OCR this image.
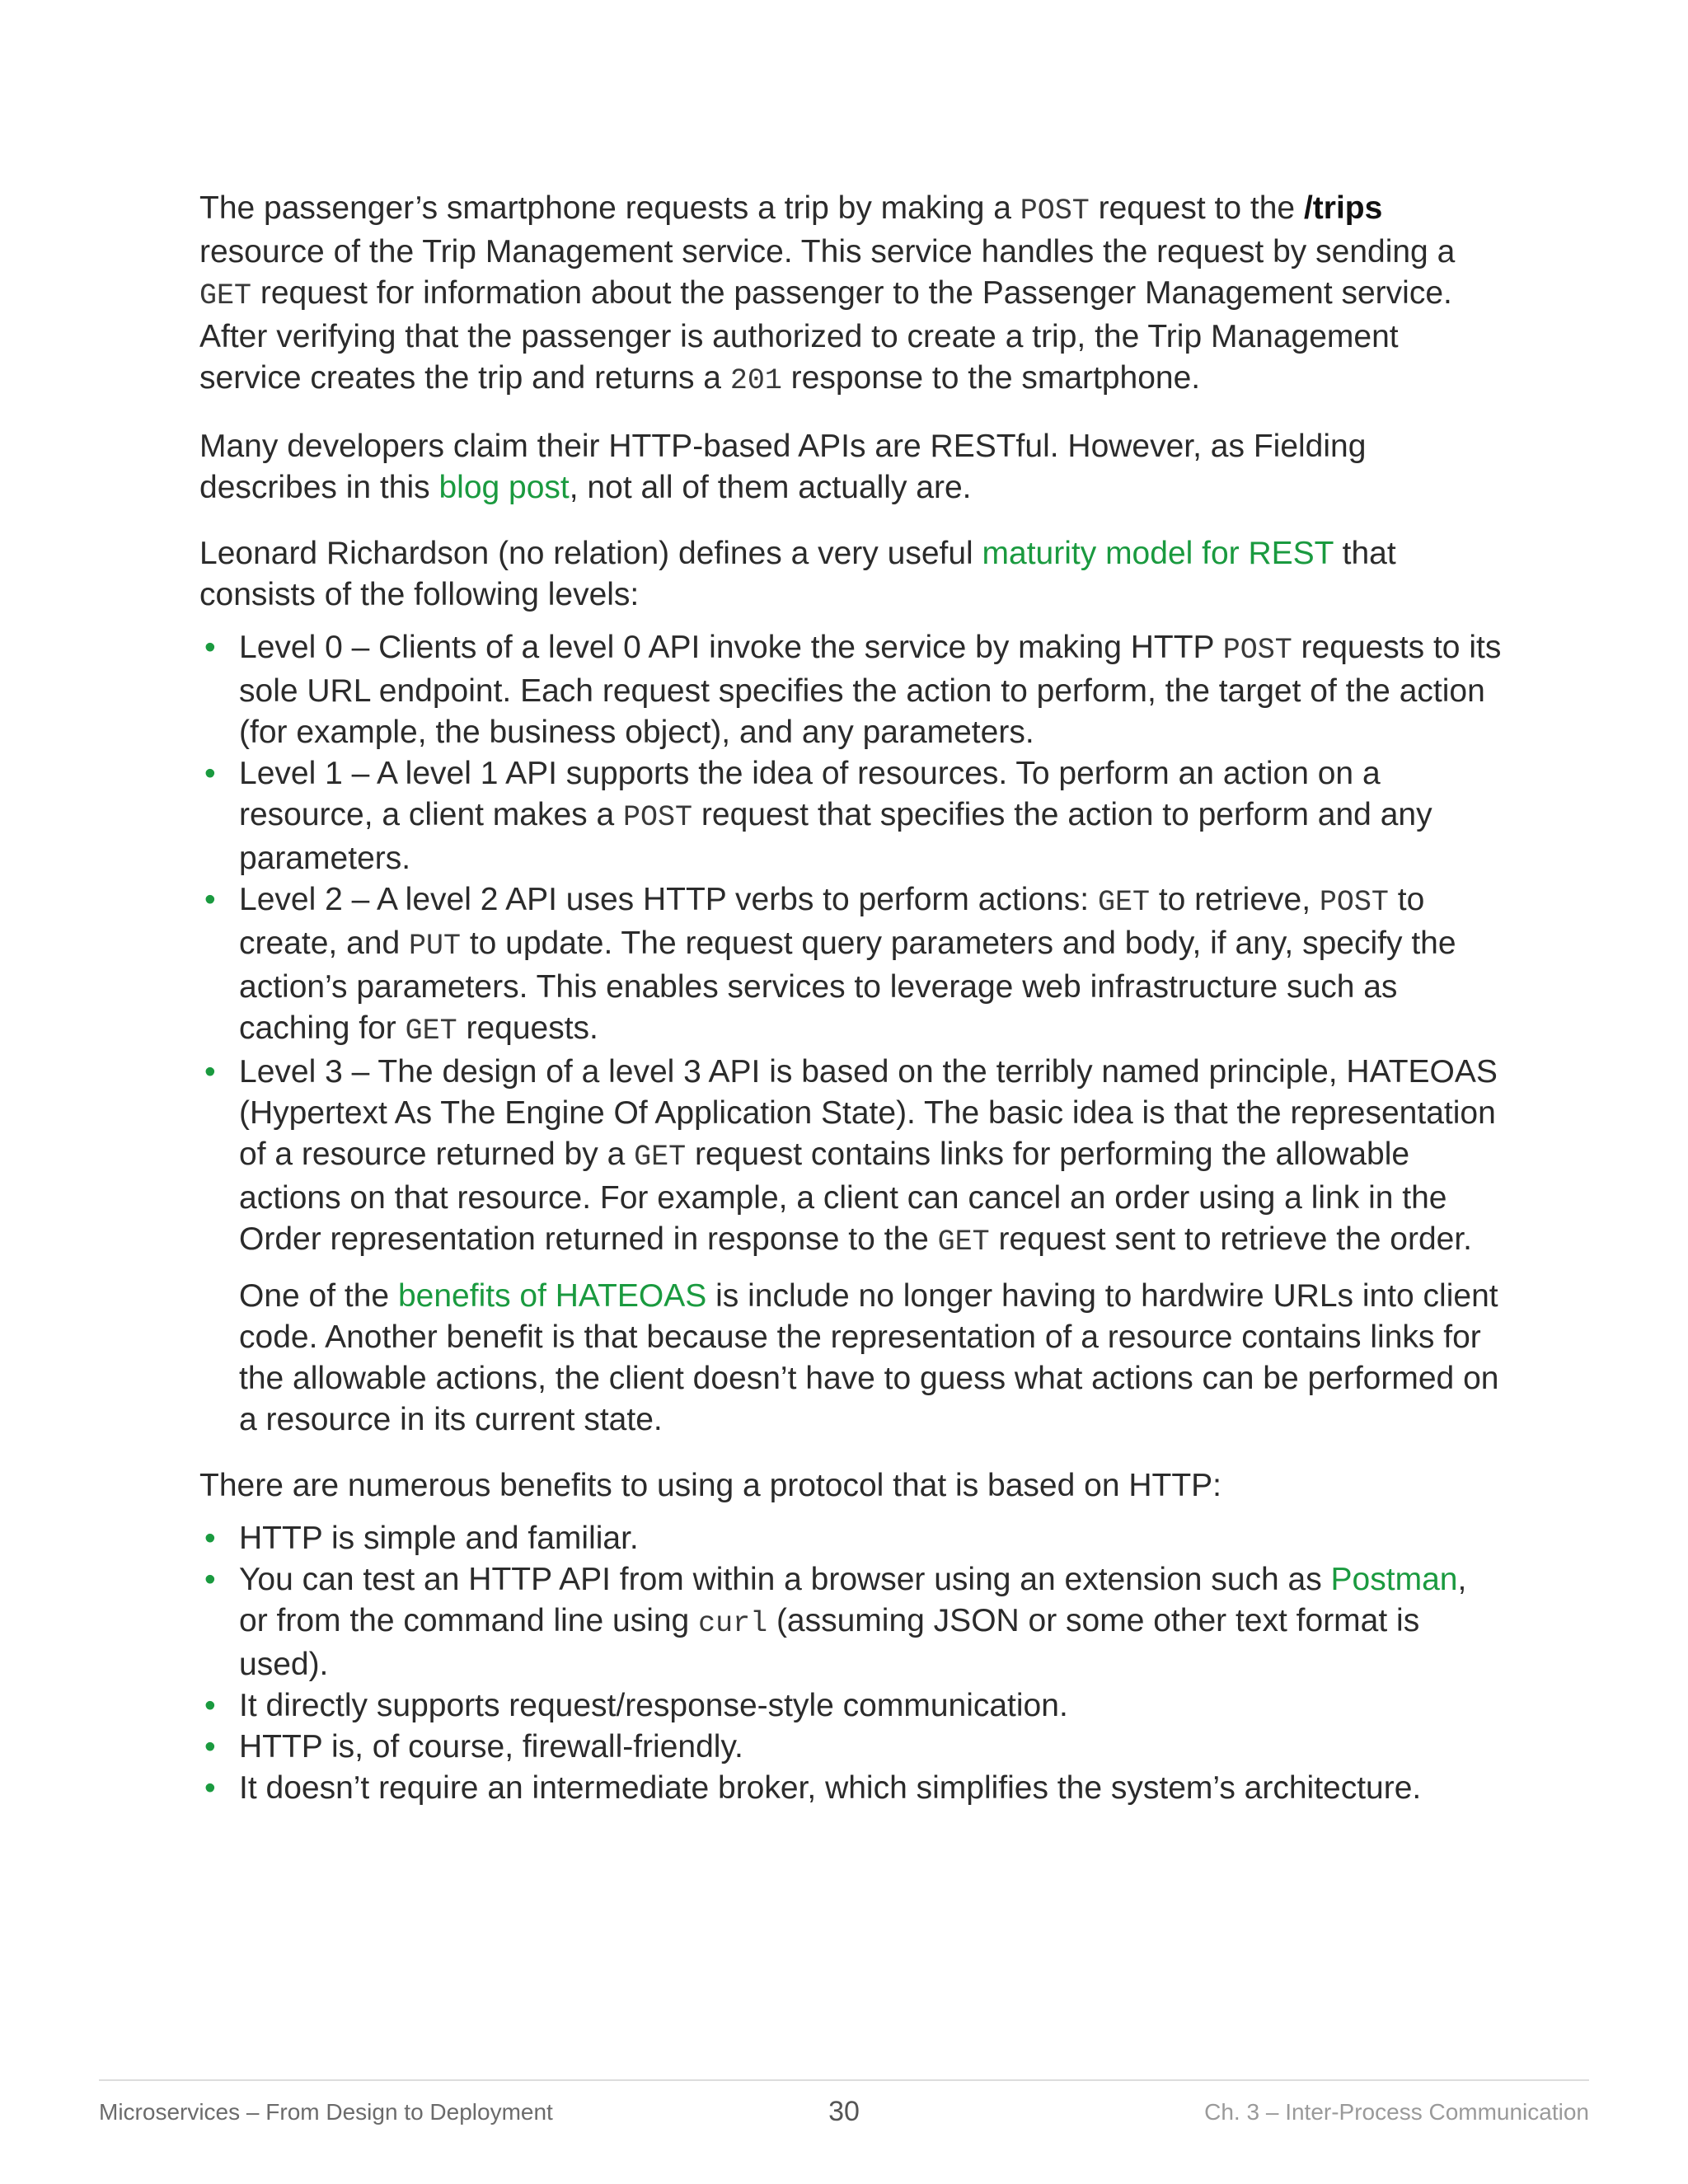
The passenger’s smartphone requests a trip by making a POST request to the /trips resource of the Trip Management service. This service handles the request by sending a GET request for information about the passenger to the Passenger Management service. After verifying that the passenger is authorized to create a trip, the Trip Management service creates the trip and returns a 201 response to the smartphone.

Many developers claim their HTTP-based APIs are RESTful. However, as Fielding describes in this blog post, not all of them actually are.

Leonard Richardson (no relation) defines a very useful maturity model for REST that consists of the following levels:

• Level 0 – Clients of a level 0 API invoke the service by making HTTP POST requests to its sole URL endpoint. Each request specifies the action to perform, the target of the action (for example, the business object), and any parameters.
• Level 1 – A level 1 API supports the idea of resources. To perform an action on a resource, a client makes a POST request that specifies the action to perform and any parameters.
• Level 2 – A level 2 API uses HTTP verbs to perform actions: GET to retrieve, POST to create, and PUT to update. The request query parameters and body, if any, specify the action’s parameters. This enables services to leverage web infrastructure such as caching for GET requests.
• Level 3 – The design of a level 3 API is based on the terribly named principle, HATEOAS (Hypertext As The Engine Of Application State). The basic idea is that the representation of a resource returned by a GET request contains links for performing the allowable actions on that resource. For example, a client can cancel an order using a link in the Order representation returned in response to the GET request sent to retrieve the order.

One of the benefits of HATEOAS is include no longer having to hardwire URLs into client code. Another benefit is that because the representation of a resource contains links for the allowable actions, the client doesn’t have to guess what actions can be performed on a resource in its current state.

There are numerous benefits to using a protocol that is based on HTTP:

• HTTP is simple and familiar.
• You can test an HTTP API from within a browser using an extension such as Postman, or from the command line using curl (assuming JSON or some other text format is used).
• It directly supports request/response-style communication.
• HTTP is, of course, firewall-friendly.
• It doesn’t require an intermediate broker, which simplifies the system’s architecture.
Microservices – From Design to Deployment	30	Ch. 3 – Inter-Process Communication
